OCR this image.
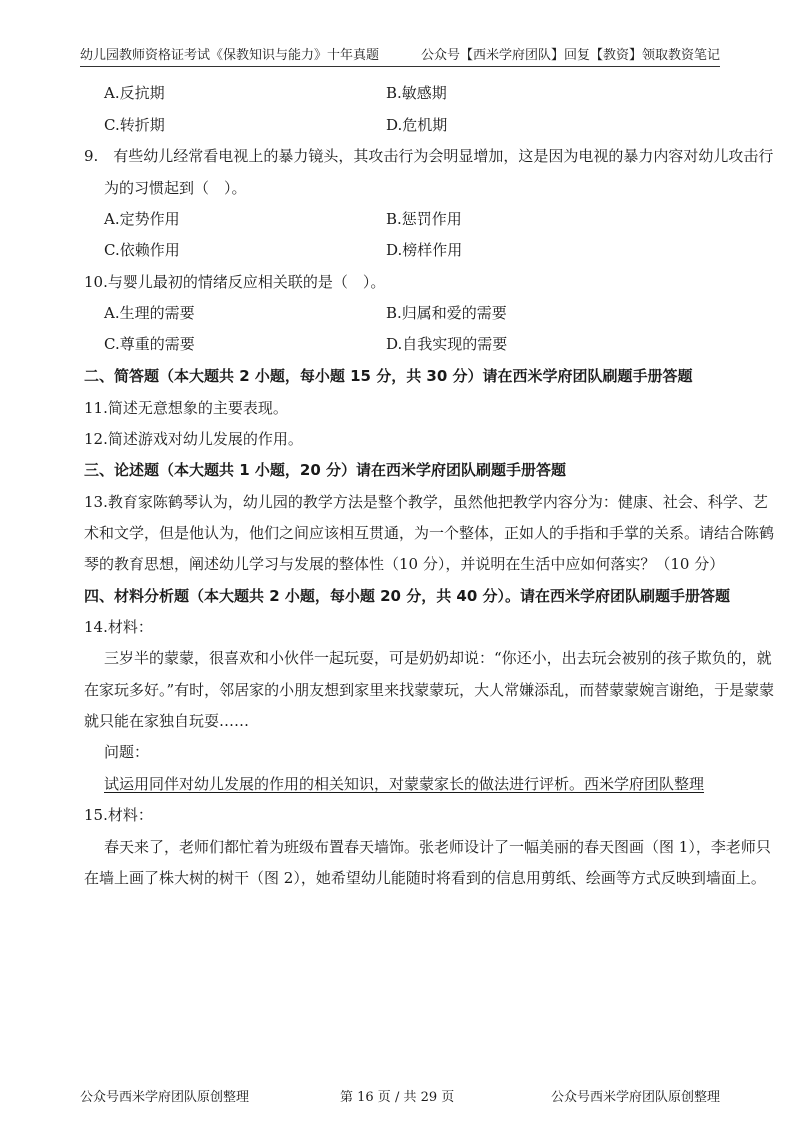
幼儿园教师资格证考试《保教知识与能力》十年真题	公众号【西米学府团队】回复【教资】领取教资笔记
A.反抗期	B.敏感期
C.转折期	D.危机期
9.　有些幼儿经常看电视上的暴力镜头，其攻击行为会明显增加，这是因为电视的暴力内容对幼儿攻击行
为的习惯起到（　）。
A.定势作用	B.惩罚作用
C.依赖作用	D.榜样作用
10.与婴儿最初的情绪反应相关联的是（　）。
A.生理的需要	B.归属和爱的需要
C.尊重的需要	D.自我实现的需要
二、简答题（本大题共 2 小题，每小题 15 分，共 30 分）请在西米学府团队刷题手册答题
11.简述无意想象的主要表现。
12.简述游戏对幼儿发展的作用。
三、论述题（本大题共 1 小题，20 分）请在西米学府团队刷题手册答题
13.教育家陈鹤琴认为，幼儿园的教学方法是整个教学，虽然他把教学内容分为：健康、社会、科学、艺
术和文学，但是他认为，他们之间应该相互贯通，为一个整体，正如人的手指和手掌的关系。请结合陈鹤
琴的教育思想，阐述幼儿学习与发展的整体性（10 分），并说明在生活中应如何落实？（10 分）
四、材料分析题（本大题共 2 小题，每小题 20 分，共 40 分）。请在西米学府团队刷题手册答题
14.材料：
三岁半的蒙蒙，很喜欢和小伙伴一起玩耍，可是奶奶却说：“你还小，出去玩会被别的孩子欺负的，就
在家玩多好。”有时，邻居家的小朋友想到家里来找蒙蒙玩，大人常嫌添乱，而替蒙蒙婉言谢绝，于是蒙蒙
就只能在家独自玩耍……
问题：
试运用同伴对幼儿发展的作用的相关知识，对蒙蒙家长的做法进行评析。西米学府团队整理
15.材料：
春天来了，老师们都忙着为班级布置春天墙饰。张老师设计了一幅美丽的春天图画（图 1），李老师只
在墙上画了株大树的树干（图 2），她希望幼儿能随时将看到的信息用剪纸、绘画等方式反映到墙面上。
公众号西米学府团队原创整理	第 16 页 / 共 29 页	公众号西米学府团队原创整理
